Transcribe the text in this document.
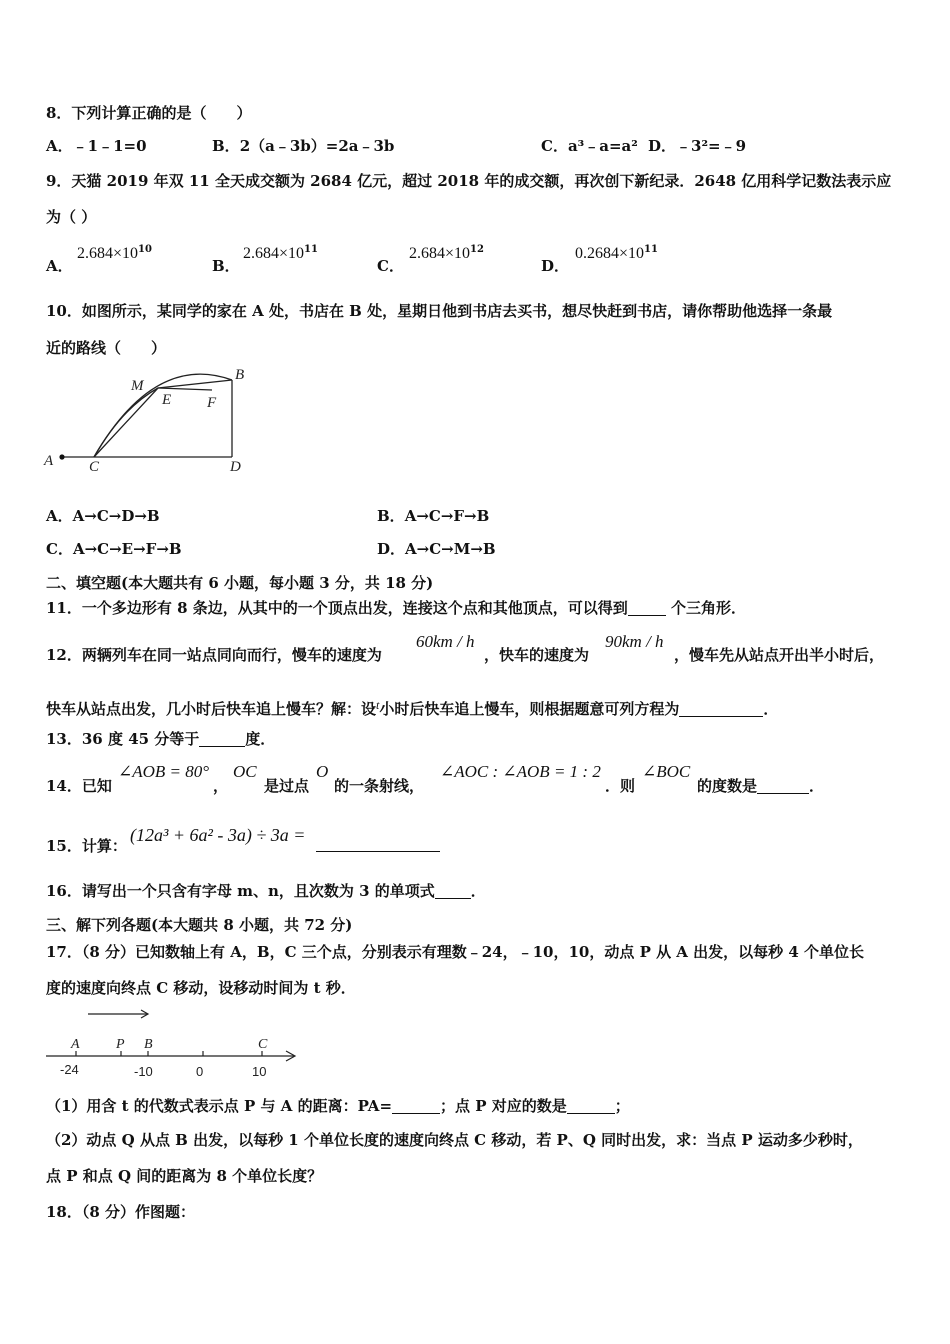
8．下列计算正确的是（　　）
A．﹣1﹣1=0	B．2（a﹣3b）=2a﹣3b	C．a³﹣a=a² D．﹣3²=﹣9
9．天猫 2019 年双 11 全天成交额为 2684 亿元，超过 2018 年的成交额，再次创下新纪录．2648 亿用科学记数法表示应
为（ ）
A．
$2.684\times 10^{10}$
B．
$2.684\times 10^{11}$
C．
$2.684\times 10^{12}$
D．
$0.2684\times 10^{11}$
10．如图所示，某同学的家在 A 处，书店在 B 处，星期日他到书店去买书，想尽快赶到书店，请你帮助他选择一条最
近的路线（　　）
A C	D
B
M
E F
A．A→C→D→B	B．A→C→F→B
C．A→C→E→F→B	D．A→C→M→B
二、填空题(本大题共有 6 小题，每小题 3 分，共 18 分)
11．一个多边形有 8 条边，从其中的一个顶点出发，连接这个点和其他顶点，可以得到	个三角形．
12．两辆列车在同一站点同向而行，慢车的速度为
60km / h
，快车的速度为
90km / h
，慢车先从站点开出半小时后，
快车从站点出发，几小时后快车追上慢车？解：设$^t$小时后快车追上慢车，则根据题意可列方程为	．
13．36 度 45 分等于	度．
14．已知
∠AOB = 80°
，
OC
是过点
O
的一条射线，
∠AOC : ∠AOB = 1 : 2
．则
∠BOC
的度数是	．
15．计算：
(12a³ + 6a² - 3a) ÷ 3a =
16．请写出一个只含有字母 m、n，且次数为 3 的单项式 ．
三、解下列各题(本大题共 8 小题，共 72 分)
17．（8 分）已知数轴上有 A，B，C 三个点，分别表示有理数﹣24，﹣10，10，动点 P 从 A 出发，以每秒 4 个单位长
度的速度向终点 C 移动，设移动时间为 t 秒．
A	P B	C
-24	-10	0	10
（1）用含 t 的代数式表示点 P 与 A 的距离：PA=	；点 P 对应的数是	；
（2）动点 Q 从点 B 出发，以每秒 1 个单位长度的速度向终点 C 移动，若 P、Q 同时出发，求：当点 P 运动多少秒时，
点 P 和点 Q 间的距离为 8 个单位长度？
18．（8 分）作图题：
